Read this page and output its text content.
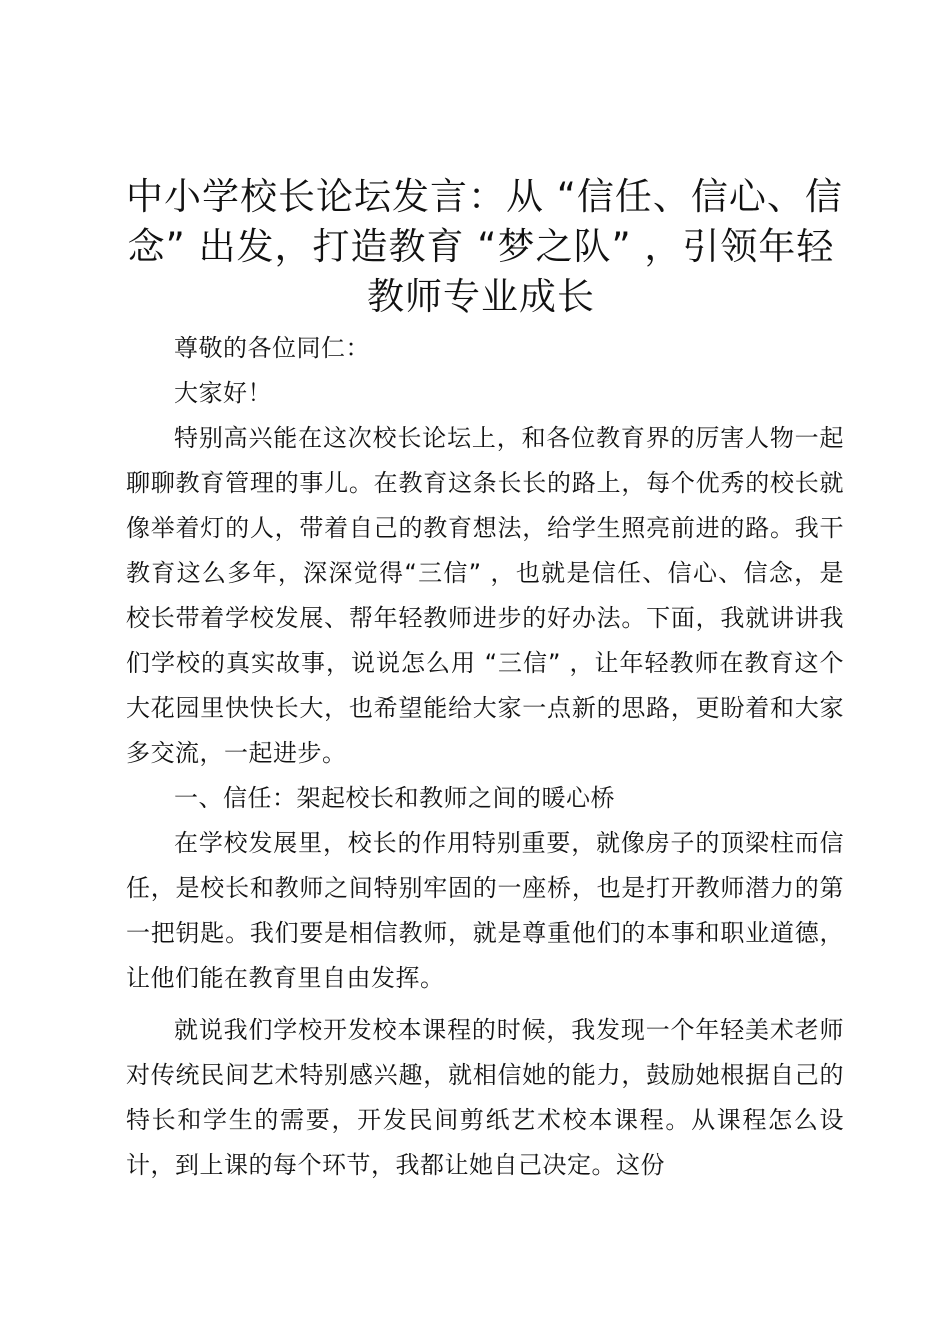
中小学校长论坛发言：从 “信任、信心、信
念” 出发，打造教育 “梦之队” ，引领年轻
教师专业成长

尊敬的各位同仁：

大家好！

特别高兴能在这次校长论坛上，和各位教育界的厉害人物一起聊聊教育管理的事儿。在教育这条长长的路上，每个优秀的校长就像举着灯的人，带着自己的教育想法，给学生照亮前进的路。我干教育这么多年，深深觉得“三信” ，也就是信任、信心、信念，是校长带着学校发展、帮年轻教师进步的好办法。下面，我就讲讲我们学校的真实故事，说说怎么用 “三信” ，让年轻教师在教育这个大花园里快快长大，也希望能给大家一点新的思路，更盼着和大家多交流，一起进步。

一、信任：架起校长和教师之间的暖心桥

在学校发展里，校长的作用特别重要，就像房子的顶梁柱而信任，是校长和教师之间特别牢固的一座桥，也是打开教师潜力的第一把钥匙。我们要是相信教师，就是尊重他们的本事和职业道德，让他们能在教育里自由发挥。

就说我们学校开发校本课程的时候，我发现一个年轻美术老师对传统民间艺术特别感兴趣，就相信她的能力，鼓励她根据自己的特长和学生的需要，开发民间剪纸艺术校本课程。从课程怎么设计，到上课的每个环节，我都让她自己决定。这份
